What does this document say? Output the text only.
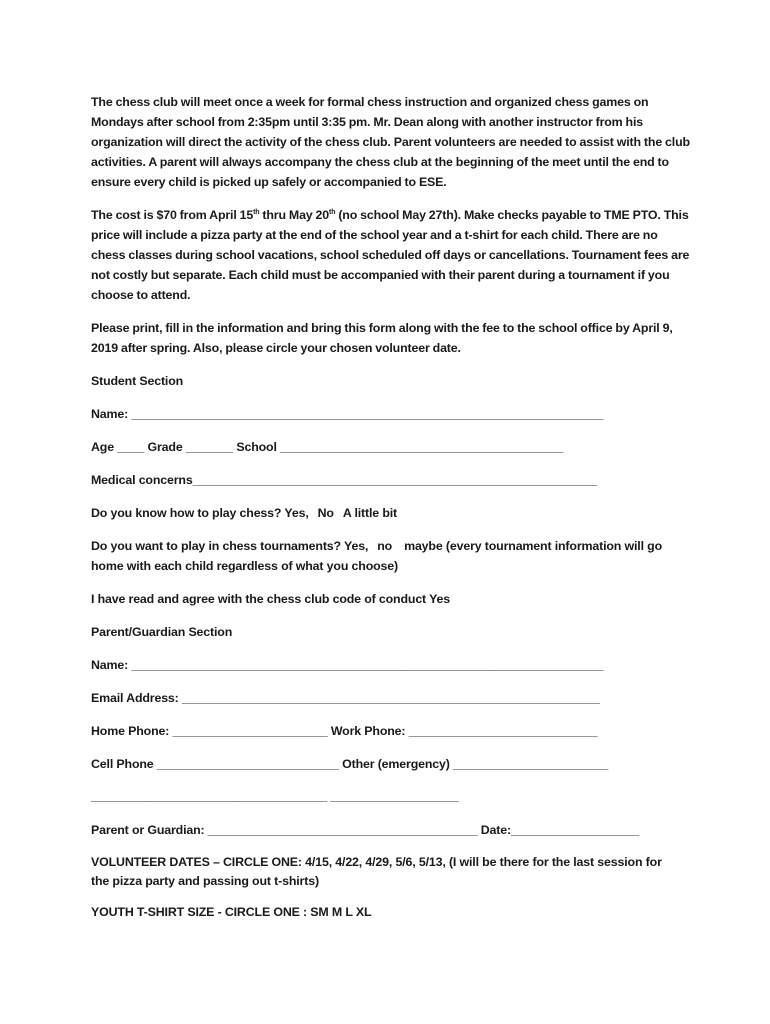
The chess club will meet once a week for formal chess instruction and organized chess games on Mondays after school from 2:35pm until 3:35 pm. Mr. Dean along with another instructor from his organization will direct the activity of the chess club. Parent volunteers are needed to assist with the club activities. A parent will always accompany the chess club at the beginning of the meet until the end to ensure every child is picked up safely or accompanied to ESE.
The cost is $70 from April 15th thru May 20th (no school May 27th). Make checks payable to TME PTO. This price will include a pizza party at the end of the school year and a t-shirt for each child. There are no chess classes during school vacations, school scheduled off days or cancellations. Tournament fees are not costly but separate. Each child must be accompanied with their parent during a tournament if you choose to attend.
Please print, fill in the information and bring this form along with the fee to the school office by April 9, 2019 after spring. Also, please circle your chosen volunteer date.
Student Section
Name: ______________________________________________________________________
Age ____ Grade _______ School __________________________________________
Medical concerns____________________________________________________________
Do you know how to play chess? Yes, No A little bit
Do you want to play in chess tournaments? Yes, no maybe (every tournament information will go
home with each child regardless of what you choose)
I have read and agree with the chess club code of conduct Yes
Parent/Guardian Section
Name: ______________________________________________________________________
Email Address: ______________________________________________________________
Home Phone: _______________________ Work Phone: ____________________________
Cell Phone ___________________________ Other (emergency) _______________________
___________________________________ ___________________
Parent or Guardian: ________________________________________ Date:___________________
VOLUNTEER DATES – CIRCLE ONE: 4/15, 4/22, 4/29, 5/6, 5/13, (I will be there for the last session for
the pizza party and passing out t-shirts)
YOUTH T-SHIRT SIZE - CIRCLE ONE : SM M L XL
